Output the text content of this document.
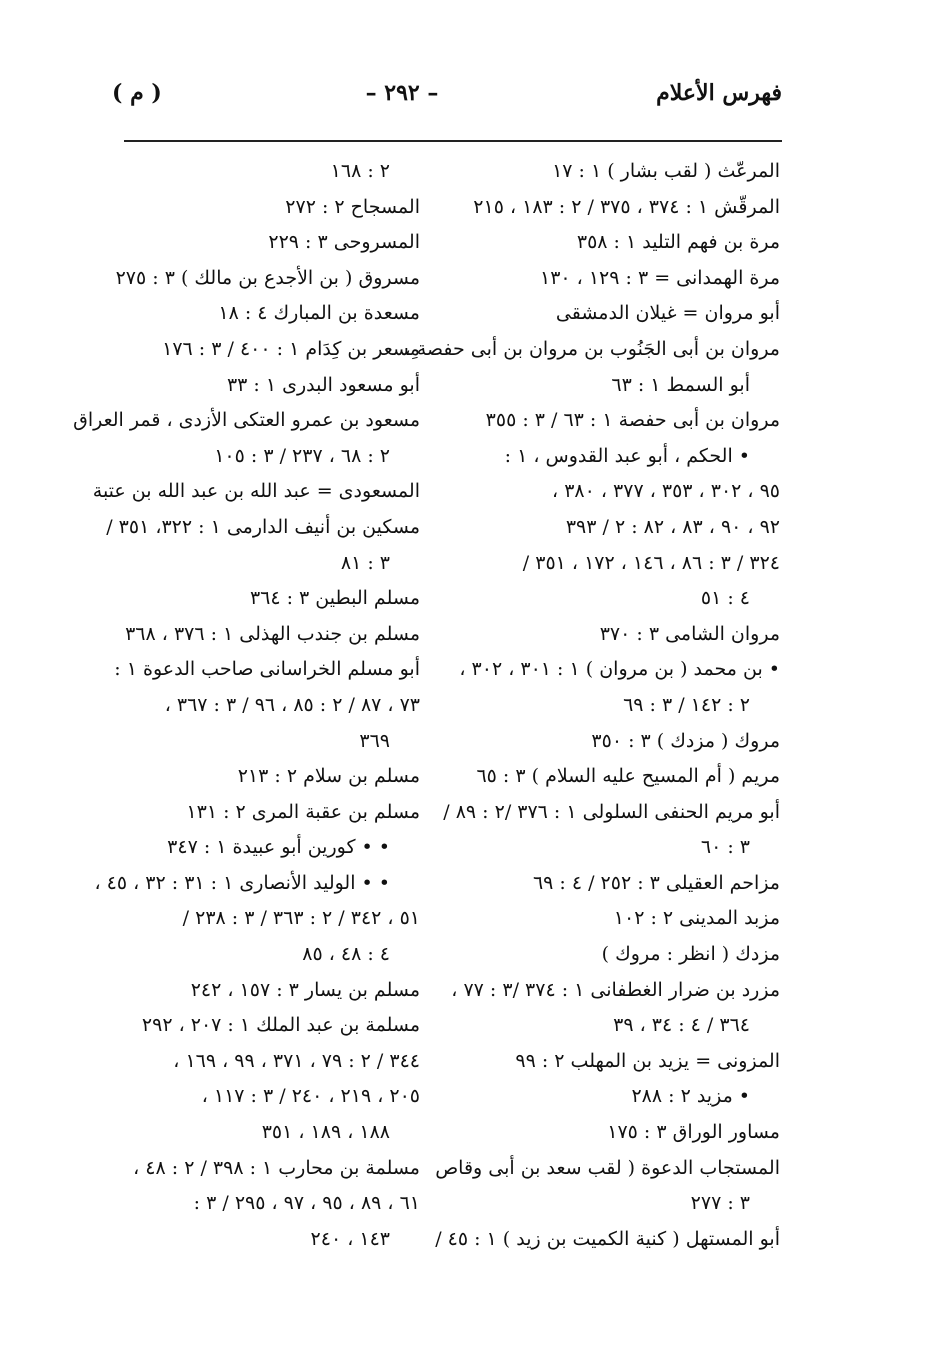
فهرس الأعلام
– ٢٩٢ –
( م )
المرعّث ( لقب بشار ) ١ : ١٧
المرقّش ١ : ٣٧٤ ، ٣٧٥ / ٢ : ١٨٣ ، ٢١٥
مرة بن فهم التليد ١ : ٣٥٨
مرة الهمدانى = ٣ : ١٢٩ ، ١٣٠
أبو مروان = غيلان الدمشقى
مروان بن أبى الجَنُوب بن مروان بن أبى حفصة ،
أبو السمط ١ : ٦٣
مروان بن أبى حفصة ١ : ٦٣ / ٣ : ٣٥٥
• الحكم ، أبو عبد القدوس ، ١ :
٩٥ ، ٣٠٢ ، ٣٥٣ ، ٣٧٧ ، ٣٨٠ ،
٩٢ ، ٩٠ ، ٨٣ ، ٨٢ : ٢ / ٣٩٣
٣٢٤ / ٣ : ٨٦ ، ١٤٦ ، ١٧٢ ، ٣٥١ /
٤ : ٥١
مروان الشامى ٣ : ٣٧٠
• بن محمد ( بن مروان ) ١ : ٣٠١ ، ٣٠٢ ،
٢ : ١٤٢ / ٣ : ٦٩
مروك ( مزدك ) ٣ : ٣٥٠
مريم ( أم المسيح عليه السلام ) ٣ : ٦٥
أبو مريم الحنفى السلولى ١ : ٣٧٦ /٢ : ٨٩ /
٣ : ٦٠
مزاحم العقيلى ٣ : ٢٥٢ / ٤ : ٦٩
مزبد المدينى ٢ : ١٠٢
مزدك ( انظر : مروك )
مزرد بن ضرار الغطفانى ١ : ٣٧٤ /٣ : ٧٧ ،
٣٦٤ / ٤ : ٣٤ ، ٣٩
المزونى = يزيد بن المهلب ٢ : ٩٩
• مزيد ٢ : ٢٨٨
مساور الوراق ٣ : ١٧٥
المستجاب الدعوة ( لقب سعد بن أبى وقاص
٣ : ٢٧٧
أبو المستهل ( كنية الكميت بن زيد ) ١ : ٤٥ /
٢ : ١٦٨
المسجاح ٢ : ٢٧٢
المسروحى ٣ : ٢٢٩
مسروق ( بن الأجدع بن مالك ) ٣ : ٢٧٥
مسعدة بن المبارك ٤ : ١٨
مِسعر بن كِدَام ١ : ٤٠٠ / ٣ : ١٧٦
أبو مسعود البدرى ١ : ٣٣
مسعود بن عمرو العتكى الأزدى ، قمر العراق
٢ : ٦٨ ، ٢٣٧ / ٣ : ١٠٥
المسعودى = عبد الله بن عبد الله بن عتبة
مسكين بن أنيف الدارمى ١ : ٣٢٢، ٣٥١ /
٣ : ٨١
مسلم البطين ٣ : ٣٦٤
مسلم بن جندب الهذلى ١ : ٣٧٦ ، ٣٦٨
أبو مسلم الخراسانى صاحب الدعوة ١ :
٧٣ ، ٨٧ / ٢ : ٨٥ ، ٩٦ / ٣ : ٣٦٧ ،
٣٦٩
مسلم بن سلام ٢ : ٢١٣
مسلم بن عقبة المرى ٢ : ١٣١
• • كورين أبو عبيدة ١ : ٣٤٧
• • الوليد الأنصارى ١ : ٣١ : ٣٢ ، ٤٥ ،
٥١ ، ٣٤٢ / ٢ : ٣٦٣ / ٣ : ٢٣٨ /
٤ : ٤٨ ، ٨٥
مسلم بن يسار ٣ : ١٥٧ ، ٢٤٢
مسلمة بن عبد الملك ١ : ٢٠٧ ، ٢٩٢
٣٤٤ / ٢ : ٧٩ ، ٣٧١ ، ٩٩ ، ١٦٩ ،
٢٠٥ ، ٢١٩ ، ٢٤٠ / ٣ : ١١٧ ،
١٨٨ ، ١٨٩ ، ٣٥١
مسلمة بن محارب ١ : ٣٩٨ / ٢ : ٤٨ ،
٦١ ، ٨٩ ، ٩٥ ، ٩٧ ، ٢٩٥ / ٣ :
١٤٣ ، ٢٤٠
